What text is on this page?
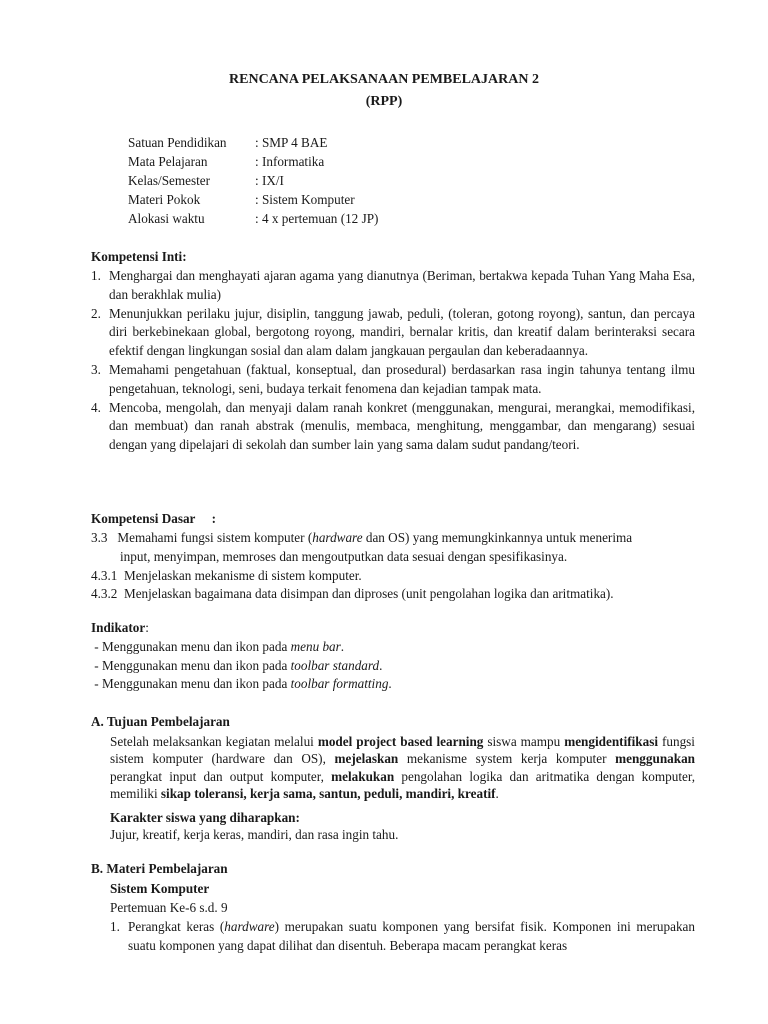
RENCANA PELAKSANAAN PEMBELAJARAN 2
(RPP)
Satuan Pendidikan : SMP 4 BAE
Mata Pelajaran	: Informatika
Kelas/Semester	: IX/I
Materi Pokok	: Sistem Komputer
Alokasi waktu	: 4 x pertemuan (12 JP)
Kompetensi Inti:
1. Menghargai dan menghayati ajaran agama yang dianutnya (Beriman, bertakwa kepada Tuhan Yang Maha Esa, dan berakhlak mulia)
2. Menunjukkan perilaku jujur, disiplin, tanggung jawab, peduli, (toleran, gotong royong), santun, dan percaya diri berkebinekaan global, bergotong royong, mandiri, bernalar kritis, dan kreatif dalam berinteraksi secara efektif dengan lingkungan sosial dan alam dalam jangkauan pergaulan dan keberadaannya.
3. Memahami pengetahuan (faktual, konseptual, dan prosedural) berdasarkan rasa ingin tahunya tentang ilmu pengetahuan, teknologi, seni, budaya terkait fenomena dan kejadian tampak mata.
4. Mencoba, mengolah, dan menyaji dalam ranah konkret (menggunakan, mengurai, merangkai, memodifikasi, dan membuat) dan ranah abstrak (menulis, membaca, menghitung, menggambar, dan mengarang) sesuai dengan yang dipelajari di sekolah dan sumber lain yang sama dalam sudut pandang/teori.
Kompetensi Dasar     :
3.3 Memahami fungsi sistem komputer (hardware dan OS) yang memungkinkannya untuk menerima
input, menyimpan, memroses dan mengoutputkan data sesuai dengan spesifikasinya.
4.3.1  Menjelaskan mekanisme di sistem komputer.
4.3.2  Menjelaskan bagaimana data disimpan dan diproses (unit pengolahan logika dan aritmatika).
Indikator:
- Menggunakan menu dan ikon pada menu bar.
- Menggunakan menu dan ikon pada toolbar standard.
- Menggunakan menu dan ikon pada toolbar formatting.
A. Tujuan Pembelajaran
Setelah melaksankan kegiatan melalui model project based learning siswa mampu mengidentifikasi fungsi sistem komputer (hardware dan OS), mejelaskan mekanisme system kerja komputer menggunakan perangkat input dan output komputer, melakukan pengolahan logika dan aritmatika dengan komputer, memiliki sikap toleransi, kerja sama, santun, peduli, mandiri, kreatif.
Karakter siswa yang diharapkan:
Jujur, kreatif, kerja keras, mandiri, dan rasa ingin tahu.
B. Materi Pembelajaran
Sistem Komputer
Pertemuan Ke-6 s.d. 9
1. Perangkat keras (hardware) merupakan suatu komponen yang bersifat fisik. Komponen ini merupakan suatu komponen yang dapat dilihat dan disentuh. Beberapa macam perangkat keras
